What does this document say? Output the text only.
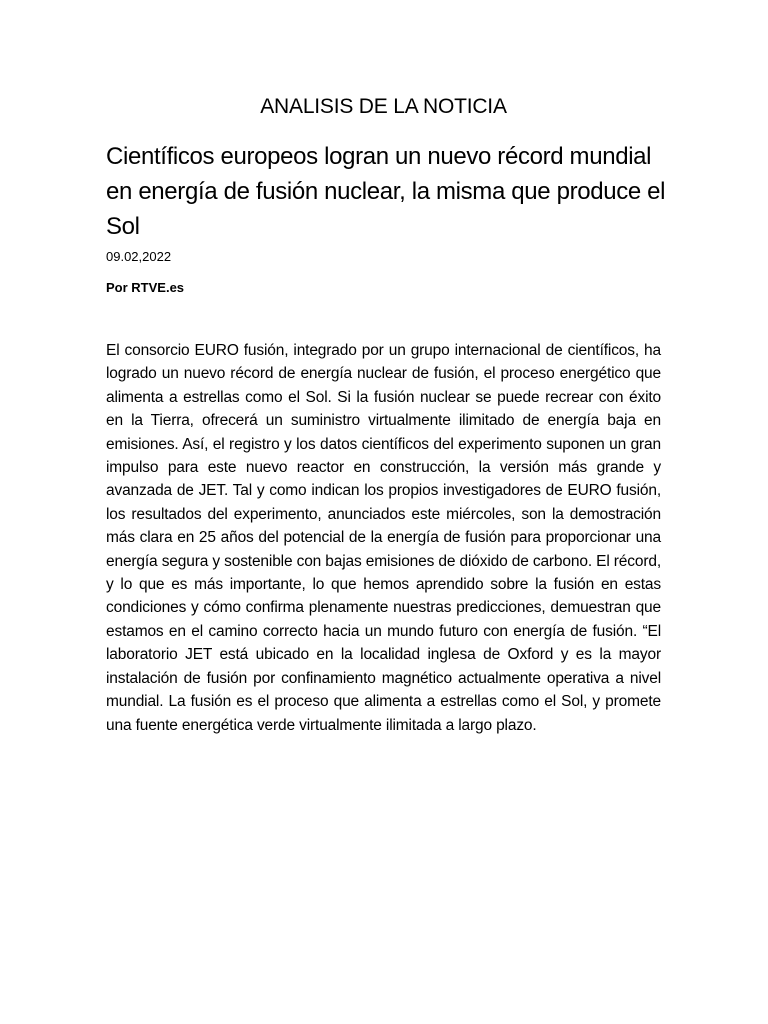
ANALISIS DE LA NOTICIA
Científicos europeos logran un nuevo récord mundial en energía de fusión nuclear, la misma que produce el Sol

09.02,2022

Por RTVE.es

El consorcio EURO fusión, integrado por un grupo internacional de científicos, ha logrado un nuevo récord de energía nuclear de fusión, el proceso energético que alimenta a estrellas como el Sol. Si la fusión nuclear se puede recrear con éxito en la Tierra, ofrecerá un suministro virtualmente ilimitado de energía baja en emisiones. Así, el registro y los datos científicos del experimento suponen un gran impulso para este nuevo reactor en construcción, la versión más grande y avanzada de JET. Tal y como indican los propios investigadores de EURO fusión, los resultados del experimento, anunciados este miércoles, son la demostración más clara en 25 años del potencial de la energía de fusión para proporcionar una energía segura y sostenible con bajas emisiones de dióxido de carbono. El récord, y lo que es más importante, lo que hemos aprendido sobre la fusión en estas condiciones y cómo confirma plenamente nuestras predicciones, demuestran que estamos en el camino correcto hacia un mundo futuro con energía de fusión. “El laboratorio JET está ubicado en la localidad inglesa de Oxford y es la mayor instalación de fusión por confinamiento magnético actualmente operativa a nivel mundial. La fusión es el proceso que alimenta a estrellas como el Sol, y promete una fuente energética verde virtualmente ilimitada a largo plazo.
